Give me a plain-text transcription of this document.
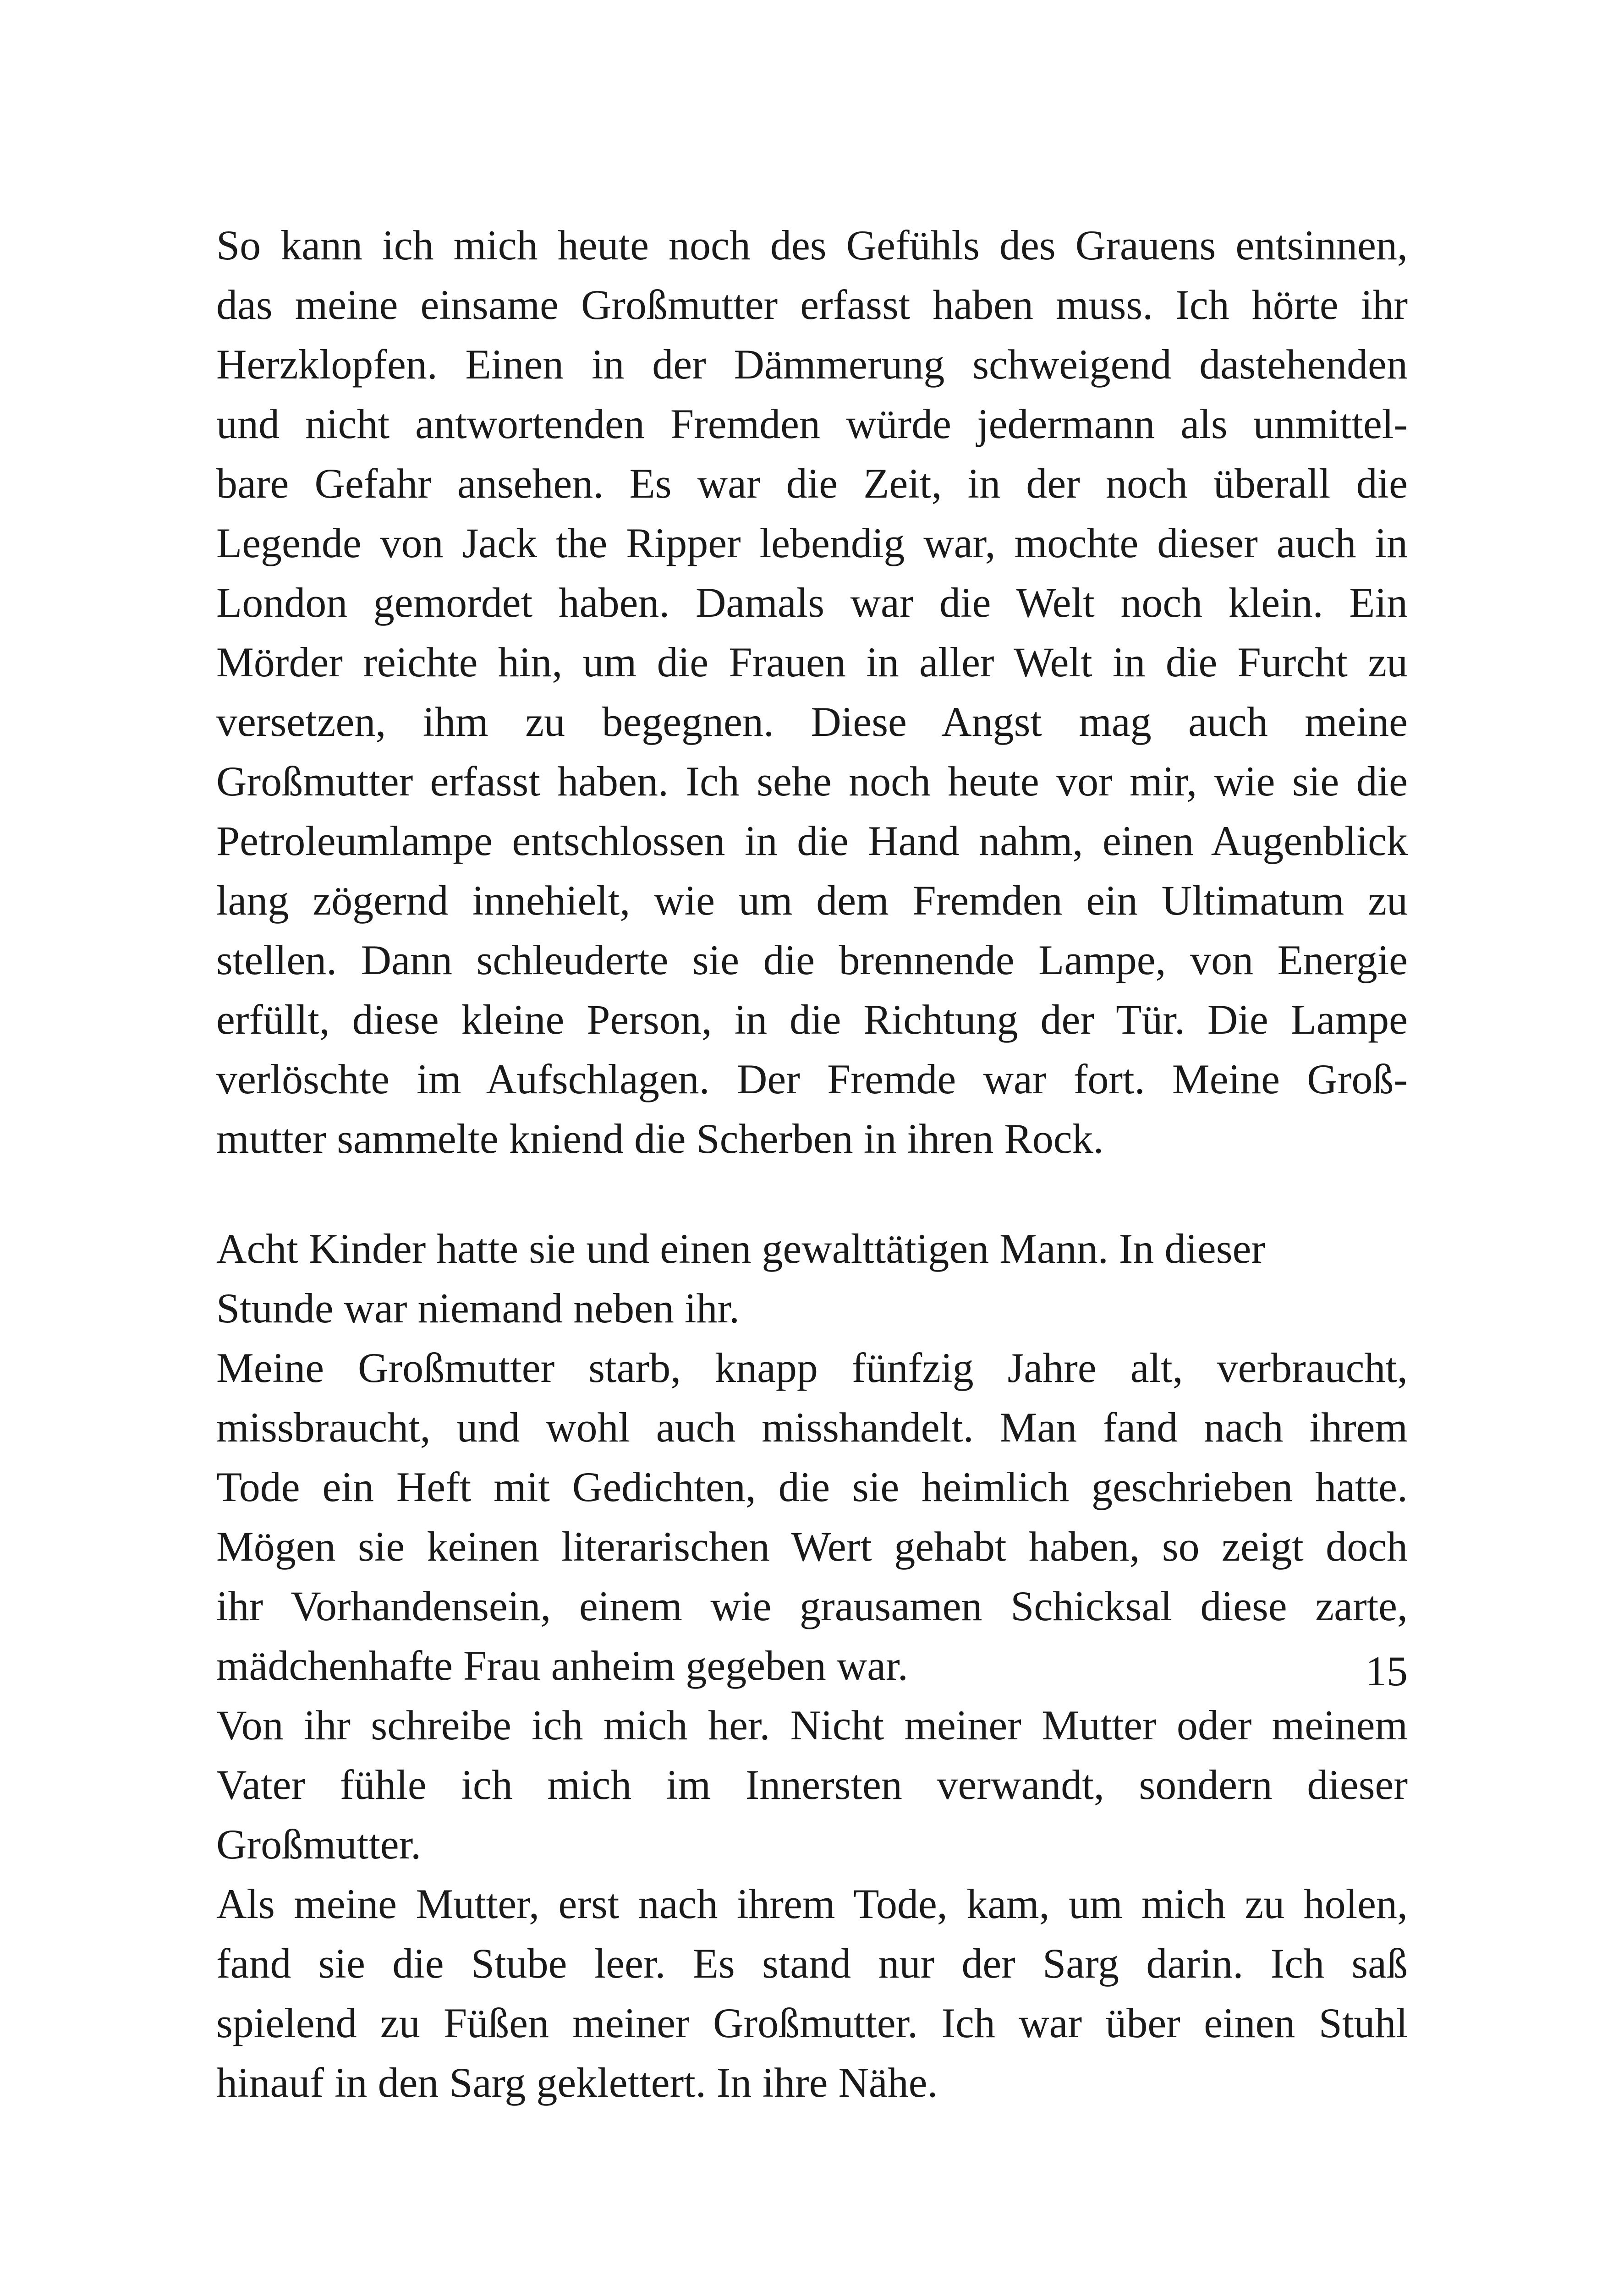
So kann ich mich heute noch des Gefühls des Grauens entsinnen,
das meine einsame Großmutter erfasst haben muss. Ich hörte ihr
Herzklopfen. Einen in der Dämmerung schweigend dastehenden
und nicht antwortenden Fremden würde jedermann als unmittel-
bare Gefahr ansehen. Es war die Zeit, in der noch überall die
Legende von Jack the Ripper lebendig war, mochte dieser auch in
London gemordet haben. Damals war die Welt noch klein. Ein
Mörder reichte hin, um die Frauen in aller Welt in die Furcht zu
versetzen, ihm zu begegnen. Diese Angst mag auch meine
Großmutter erfasst haben. Ich sehe noch heute vor mir, wie sie die
Petroleumlampe entschlossen in die Hand nahm, einen Augenblick
lang zögernd innehielt, wie um dem Fremden ein Ultimatum zu
stellen. Dann schleuderte sie die brennende Lampe, von Energie
erfüllt, diese kleine Person, in die Richtung der Tür. Die Lampe
verlöschte im Aufschlagen. Der Fremde war fort. Meine Groß-
mutter sammelte kniend die Scherben in ihren Rock.
Acht Kinder hatte sie und einen gewalttätigen Mann. In dieser
Stunde war niemand neben ihr.
Meine Großmutter starb, knapp fünfzig Jahre alt, verbraucht,
missbraucht, und wohl auch misshandelt. Man fand nach ihrem
Tode ein Heft mit Gedichten, die sie heimlich geschrieben hatte.
Mögen sie keinen literarischen Wert gehabt haben, so zeigt doch
ihr Vorhandensein, einem wie grausamen Schicksal diese zarte,
mädchenhafte Frau anheim gegeben war.
Von ihr schreibe ich mich her. Nicht meiner Mutter oder meinem
Vater fühle ich mich im Innersten verwandt, sondern dieser
Großmutter.
Als meine Mutter, erst nach ihrem Tode, kam, um mich zu holen,
fand sie die Stube leer. Es stand nur der Sarg darin. Ich saß
spielend zu Füßen meiner Großmutter. Ich war über einen Stuhl
hinauf in den Sarg geklettert. In ihre Nähe.
15
